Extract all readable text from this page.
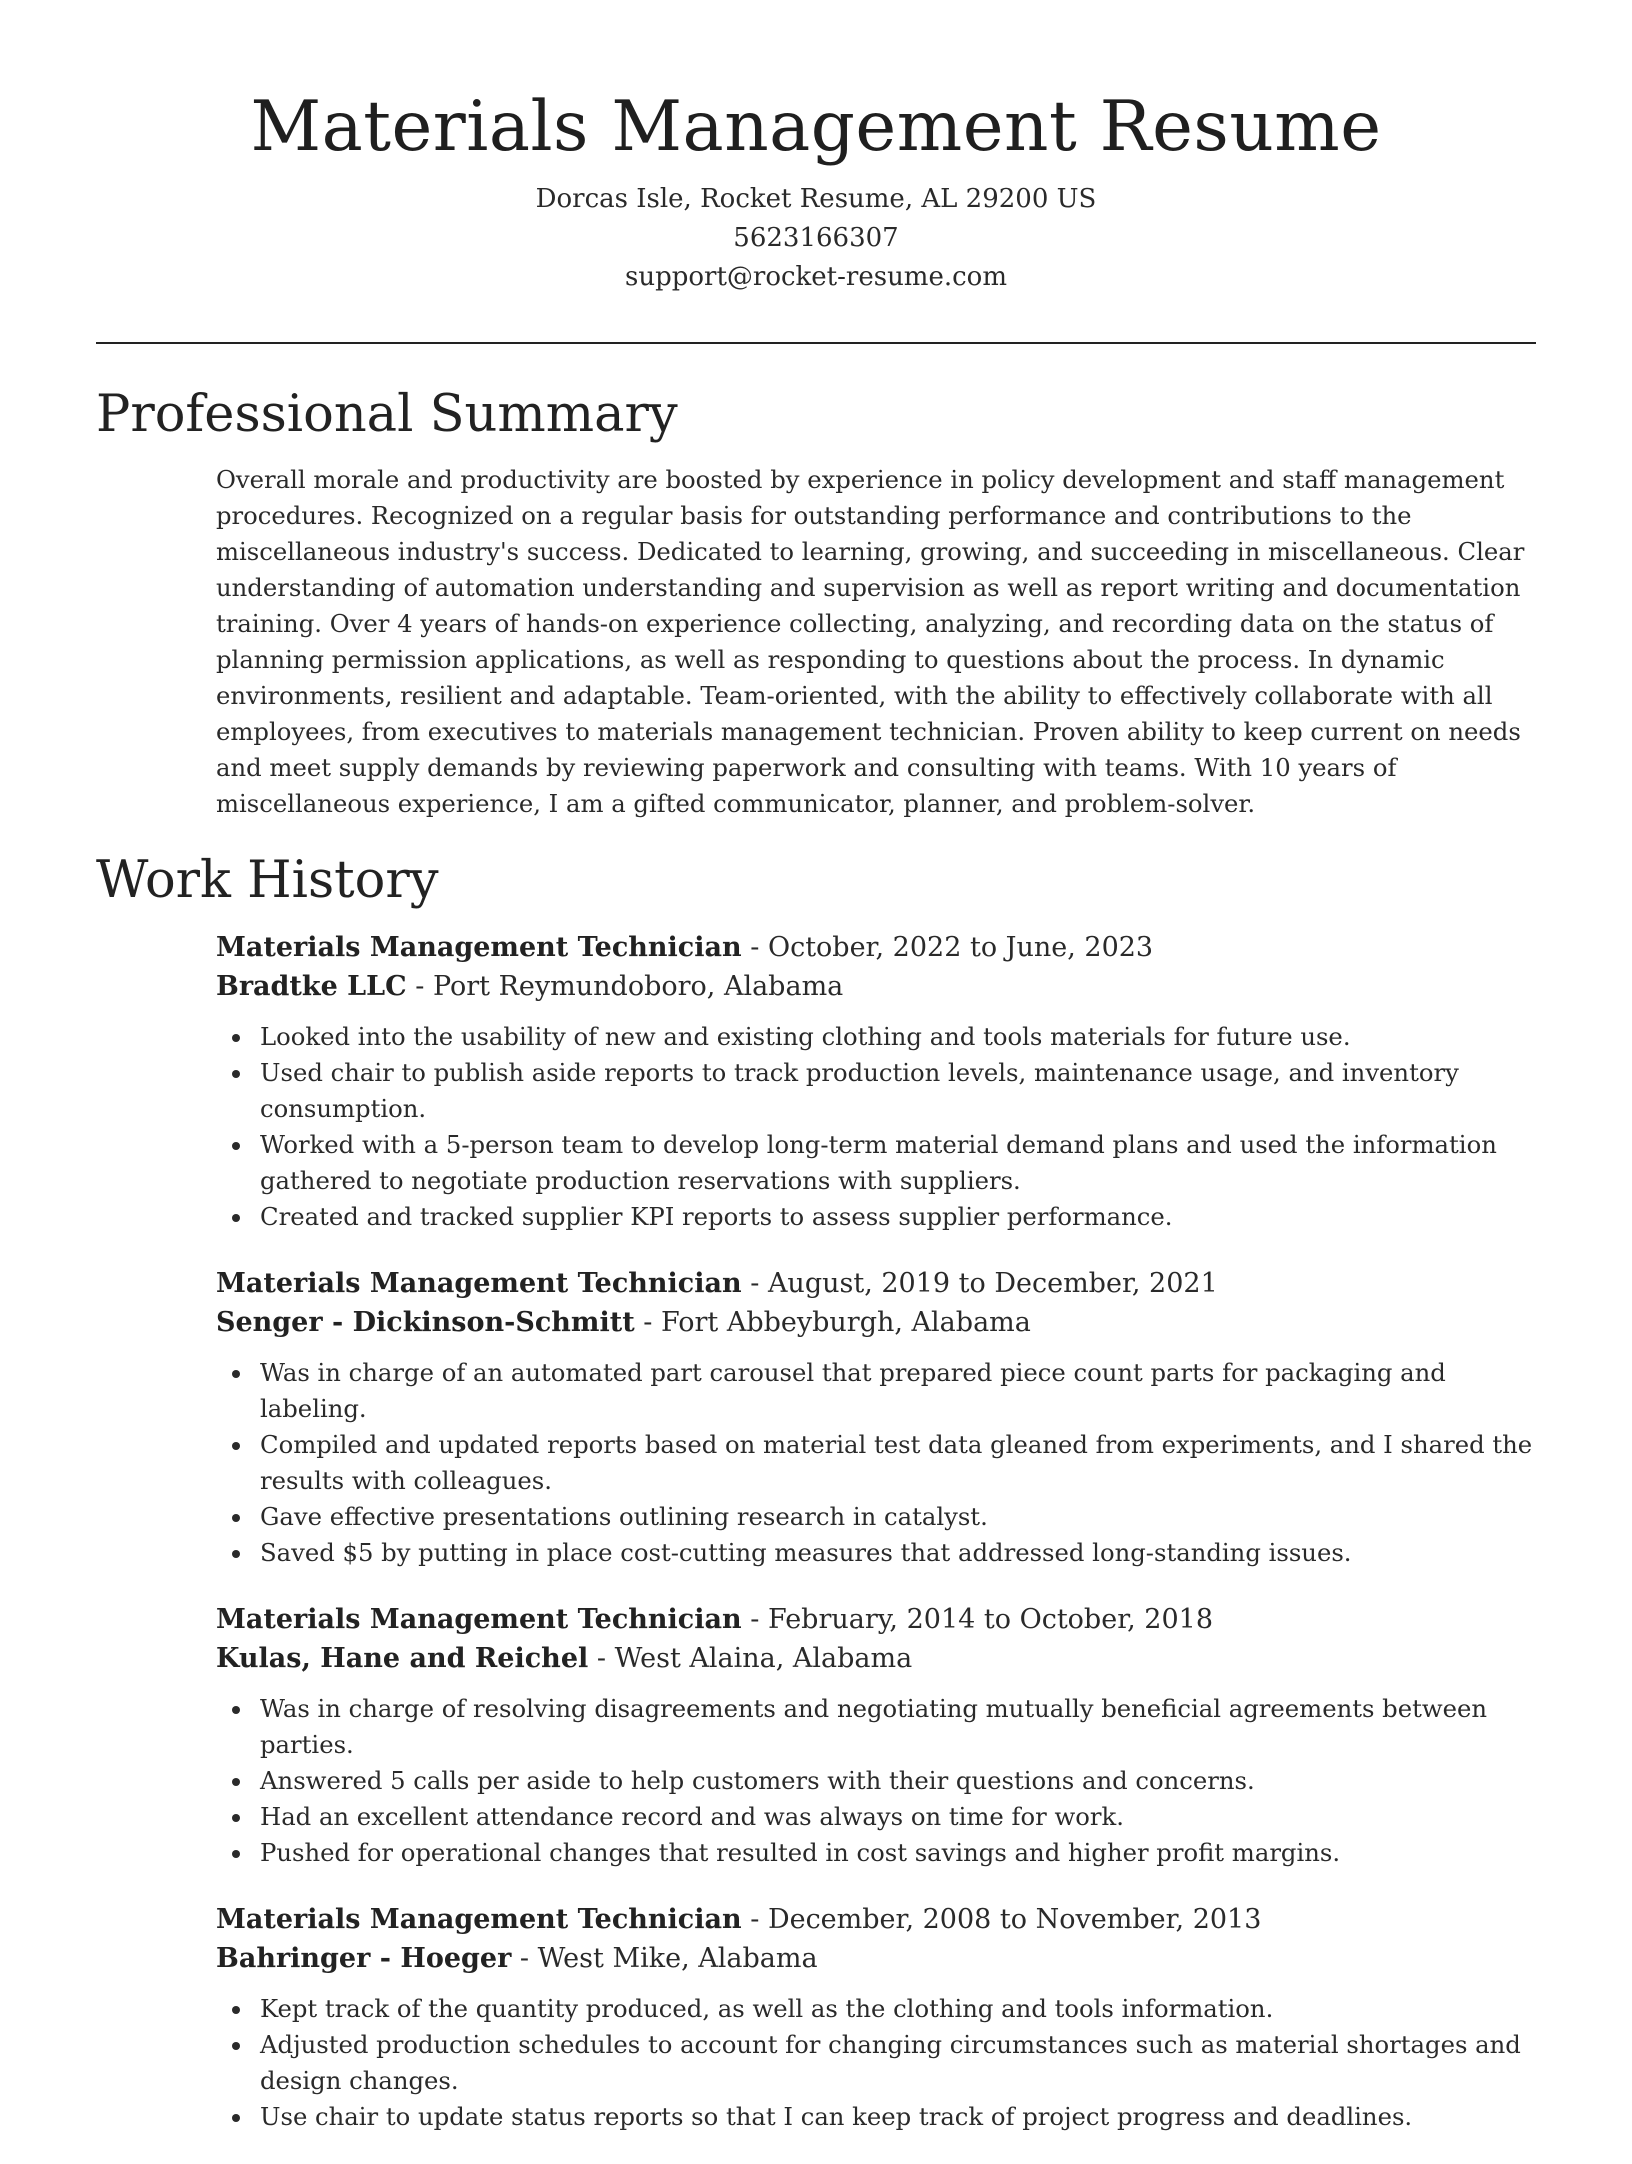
Materials Management Resume
Dorcas Isle, Rocket Resume, AL 29200 US
5623166307
support@rocket-resume.com
Professional Summary

Overall morale and productivity are boosted by experience in policy development and staff management procedures. Recognized on a regular basis for outstanding performance and contributions to the miscellaneous industry's success. Dedicated to learning, growing, and succeeding in miscellaneous. Clear understanding of automation understanding and supervision as well as report writing and documentation training. Over 4 years of hands-on experience collecting, analyzing, and recording data on the status of planning permission applications, as well as responding to questions about the process. In dynamic environments, resilient and adaptable. Team-oriented, with the ability to effectively collaborate with all employees, from executives to materials management technician. Proven ability to keep current on needs and meet supply demands by reviewing paperwork and consulting with teams. With 10 years of miscellaneous experience, I am a gifted communicator, planner, and problem-solver.

Work History
Materials Management Technician - October, 2022 to June, 2023
Bradtke LLC - Port Reymundoboro, Alabama
Looked into the usability of new and existing clothing and tools materials for future use.
Used chair to publish aside reports to track production levels, maintenance usage, and inventory consumption.
Worked with a 5-person team to develop long-term material demand plans and used the information gathered to negotiate production reservations with suppliers.
Created and tracked supplier KPI reports to assess supplier performance.
Materials Management Technician - August, 2019 to December, 2021
Senger - Dickinson-Schmitt - Fort Abbeyburgh, Alabama
Was in charge of an automated part carousel that prepared piece count parts for packaging and labeling.
Compiled and updated reports based on material test data gleaned from experiments, and I shared the results with colleagues.
Gave effective presentations outlining research in catalyst.
Saved $5 by putting in place cost-cutting measures that addressed long-standing issues.
Materials Management Technician - February, 2014 to October, 2018
Kulas, Hane and Reichel - West Alaina, Alabama
Was in charge of resolving disagreements and negotiating mutually beneficial agreements between parties.
Answered 5 calls per aside to help customers with their questions and concerns.
Had an excellent attendance record and was always on time for work.
Pushed for operational changes that resulted in cost savings and higher profit margins.
Materials Management Technician - December, 2008 to November, 2013
Bahringer - Hoeger - West Mike, Alabama
Kept track of the quantity produced, as well as the clothing and tools information.
Adjusted production schedules to account for changing circumstances such as material shortages and design changes.
Use chair to update status reports so that I can keep track of project progress and deadlines.
